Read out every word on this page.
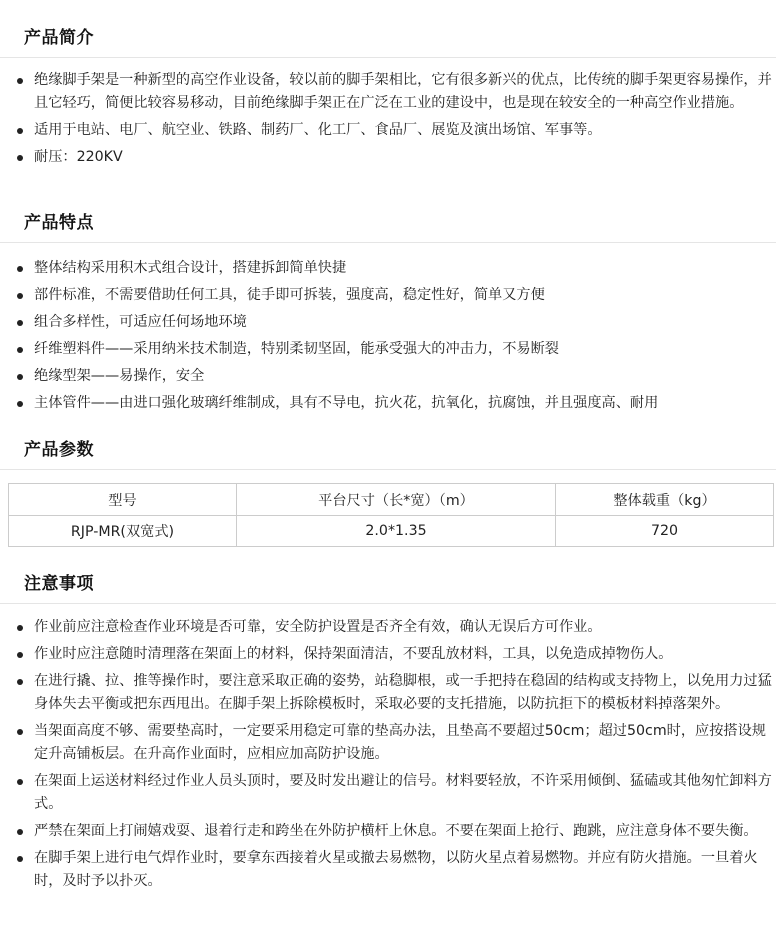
产品简介
绝缘脚手架是一种新型的高空作业设备，较以前的脚手架相比，它有很多新兴的优点，比传统的脚手架更容易操作，并且它轻巧，简便比较容易移动，目前绝缘脚手架正在广泛在工业的建设中，也是现在较安全的一种高空作业措施。
适用于电站、电厂、航空业、铁路、制药厂、化工厂、食品厂、展览及演出场馆、军事等。
耐压：220KV
产品特点
整体结构采用积木式组合设计，搭建拆卸简单快捷
部件标准，不需要借助任何工具，徒手即可拆装，强度高，稳定性好，简单又方便
组合多样性，可适应任何场地环境
纤维塑料件——采用纳米技术制造，特别柔韧坚固，能承受强大的冲击力，不易断裂
绝缘型架——易操作，安全
主体管件——由进口强化玻璃纤维制成，具有不导电，抗火花，抗氧化，抗腐蚀，并且强度高、耐用
产品参数
型号	平台尺寸（长*宽）（m）	整体载重（kg）
RJP-MR(双宽式)	2.0*1.35	720
注意事项
作业前应注意检查作业环境是否可靠，安全防护设置是否齐全有效，确认无误后方可作业。
作业时应注意随时清理落在架面上的材料，保持架面清洁，不要乱放材料，工具，以免造成掉物伤人。
在进行撬、拉、推等操作时，要注意采取正确的姿势，站稳脚根，或一手把持在稳固的结构或支持物上，以免用力过猛身体失去平衡或把东西甩出。在脚手架上拆除模板时，采取必要的支托措施，以防抗拒下的模板材料掉落架外。
当架面高度不够、需要垫高时，一定要采用稳定可靠的垫高办法，且垫高不要超过50cm；超过50cm时，应按搭设规定升高铺板层。在升高作业面时，应相应加高防护设施。
在架面上运送材料经过作业人员头顶时，要及时发出避让的信号。材料要轻放，不许采用倾倒、猛磕或其他匆忙卸料方式。
严禁在架面上打闹嬉戏耍、退着行走和跨坐在外防护横杆上休息。不要在架面上抢行、跑跳，应注意身体不要失衡。
在脚手架上进行电气焊作业时，要拿东西接着火星或撤去易燃物，以防火星点着易燃物。并应有防火措施。一旦着火时，及时予以扑灭。
